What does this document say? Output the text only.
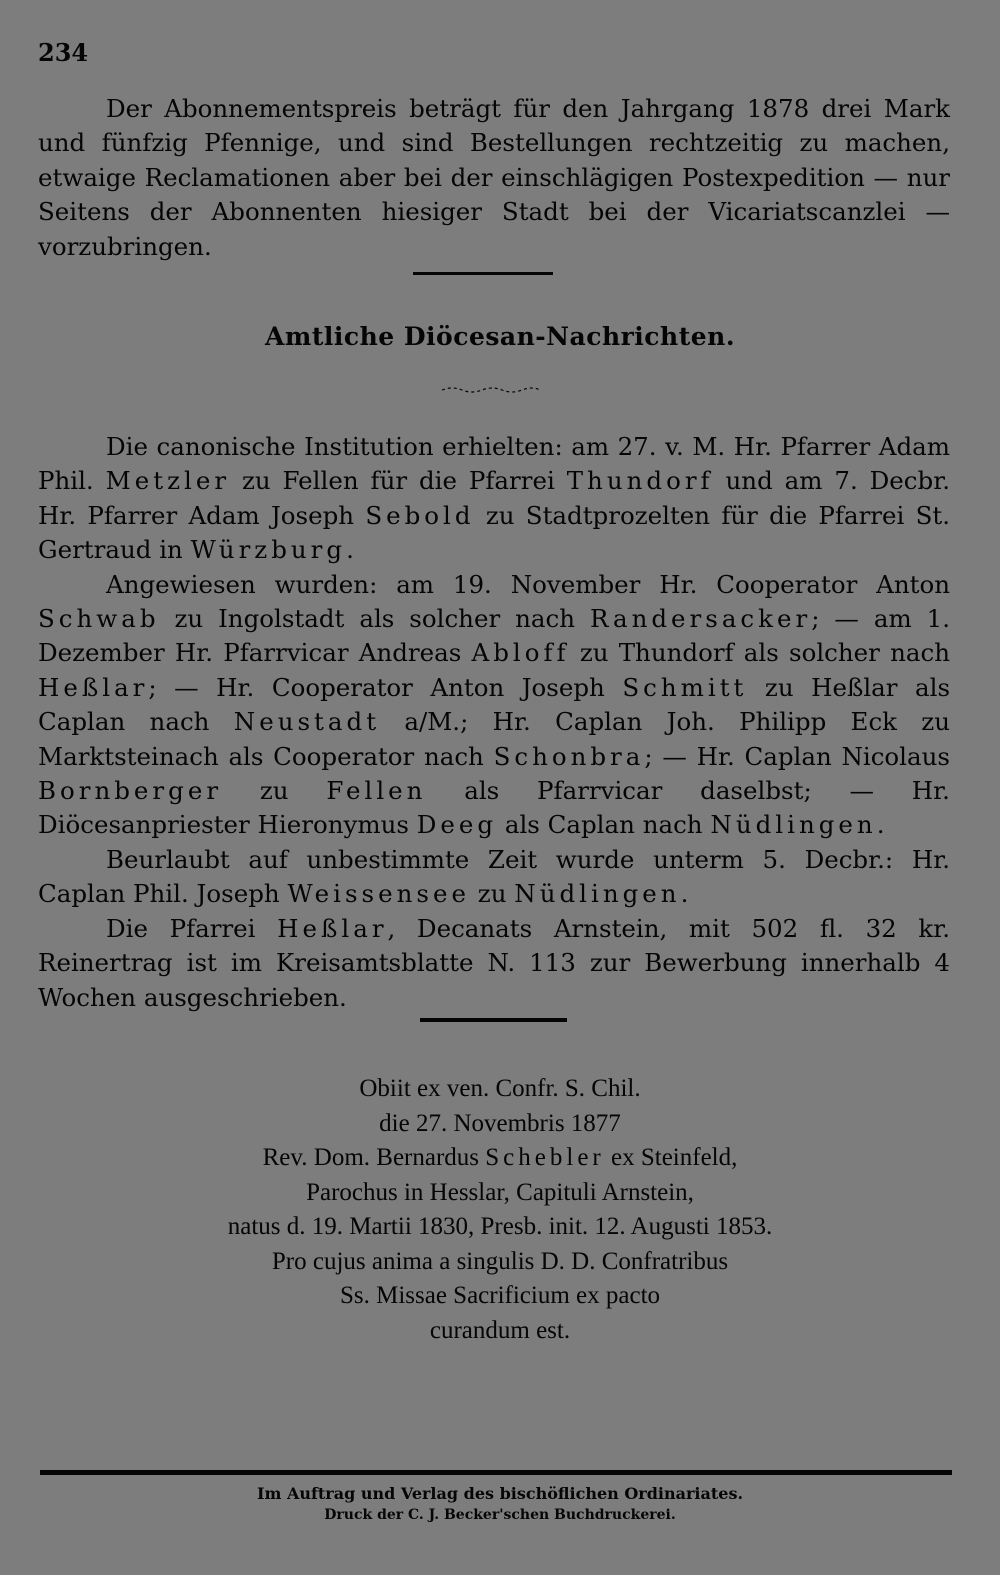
234

Der Abonnementspreis beträgt für den Jahrgang 1878 drei Mark und fünfzig Pfennige, und sind Bestellungen rechtzeitig zu machen, etwaige Reclamationen aber bei der einschlägigen Postexpedition — nur Seitens der Abonnenten hiesiger Stadt bei der Vicariatscanzlei — vorzubringen.

Amtliche Diöcesan-Nachrichten.

Die canonische Institution erhielten: am 27. v. M. Hr. Pfarrer Adam Phil. Metzler zu Fellen für die Pfarrei Thundorf und am 7. Decbr. Hr. Pfarrer Adam Joseph Sebold zu Stadtprozelten für die Pfarrei St. Gertraud in Würzburg.

Angewiesen wurden: am 19. November Hr. Cooperator Anton Schwab zu Ingolstadt als solcher nach Randersacker; — am 1. Dezember Hr. Pfarrvicar Andreas Abloff zu Thundorf als solcher nach Heßlar; — Hr. Cooperator Anton Joseph Schmitt zu Heßlar als Caplan nach Neustadt a/M.; Hr. Caplan Joh. Philipp Eck zu Marktsteinach als Cooperator nach Schonbra; — Hr. Caplan Nicolaus Bornberger zu Fellen als Pfarrvicar daselbst; — Hr. Diöcesanpriester Hieronymus Deeg als Caplan nach Nüdlingen.

Beurlaubt auf unbestimmte Zeit wurde unterm 5. Decbr.: Hr. Caplan Phil. Joseph Weissensee zu Nüdlingen.

Die Pfarrei Heßlar, Decanats Arnstein, mit 502 fl. 32 kr. Reinertrag ist im Kreisamtsblatte N. 113 zur Bewerbung innerhalb 4 Wochen ausgeschrieben.

Obiit ex ven. Confr. S. Chil.
die 27. Novembris 1877
Rev. Dom. Bernardus Schebler ex Steinfeld,
Parochus in Hesslar, Capituli Arnstein,
natus d. 19. Martii 1830, Presb. init. 12. Augusti 1853.
Pro cujus anima a singulis D. D. Confratribus
Ss. Missae Sacrificium ex pacto
curandum est.
Im Auftrag und Verlag des bischöflichen Ordinariates.
Druck der C. J. Becker'schen Buchdruckerei.
